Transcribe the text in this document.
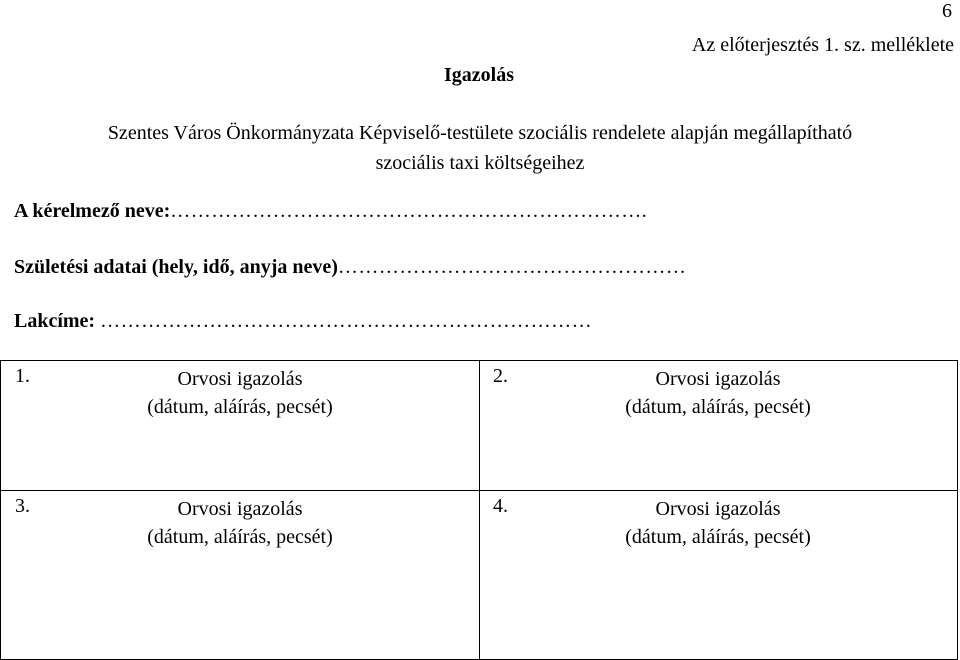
6
Az előterjesztés 1. sz. melléklete
Igazolás
Szentes Város Önkormányzata Képviselő-testülete szociális rendelete alapján megállapítható
szociális taxi költségeihez
A kérelmező neve:…………………………………………………………….
Születési adatai (hely, idő, anyja neve)……………………………………………
Lakcíme: ………………………………………………………………
1.	Orvosi igazolás
(dátum, aláírás, pecsét)
2.	Orvosi igazolás
(dátum, aláírás, pecsét)
3.	Orvosi igazolás
(dátum, aláírás, pecsét)
4.	Orvosi igazolás
(dátum, aláírás, pecsét)
